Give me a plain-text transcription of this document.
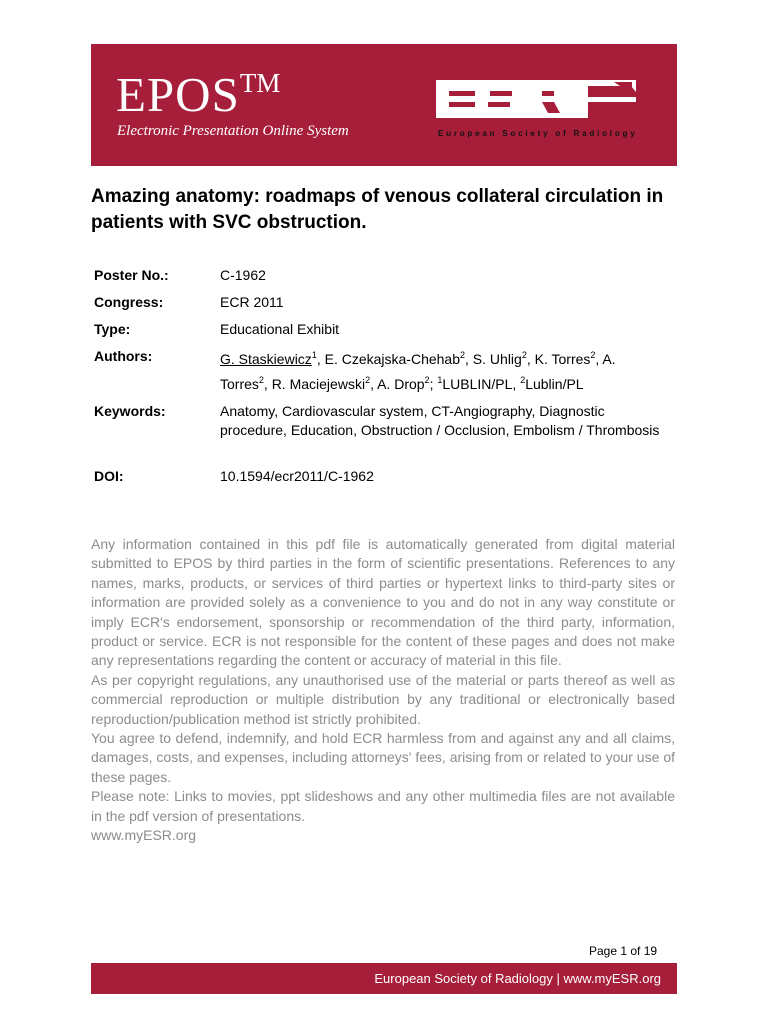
EPOS™
Electronic Presentation Online System	European Society of Radiology
Amazing anatomy: roadmaps of venous collateral circulation in patients with SVC obstruction.
Poster No.:	C-1962
Congress:	ECR 2011
Type:	Educational Exhibit
Authors:	G. Staskiewicz$^1$, E. Czekajska-Chehab$^2$, S. Uhlig$^2$, K. Torres$^2$, A. Torres$^2$, R. Maciejewski$^2$, A. Drop$^2$; $^1$LUBLIN/PL, $^2$Lublin/PL
Keywords:	Anatomy, Cardiovascular system, CT-Angiography, Diagnostic procedure, Education, Obstruction / Occlusion, Embolism / Thrombosis
DOI:	10.1594/ecr2011/C-1962

Any information contained in this pdf file is automatically generated from digital material submitted to EPOS by third parties in the form of scientific presentations. References to any names, marks, products, or services of third parties or hypertext links to third-party sites or information are provided solely as a convenience to you and do not in any way constitute or imply ECR's endorsement, sponsorship or recommendation of the third party, information, product or service. ECR is not responsible for the content of these pages and does not make any representations regarding the content or accuracy of material in this file.

As per copyright regulations, any unauthorised use of the material or parts thereof as well as commercial reproduction or multiple distribution by any traditional or electronically based reproduction/publication method ist strictly prohibited.

You agree to defend, indemnify, and hold ECR harmless from and against any and all claims, damages, costs, and expenses, including attorneys' fees, arising from or related to your use of these pages.

Please note: Links to movies, ppt slideshows and any other multimedia files are not available in the pdf version of presentations.

www.myESR.org

Page 1 of 19
European Society of Radiology | www.myESR.org
